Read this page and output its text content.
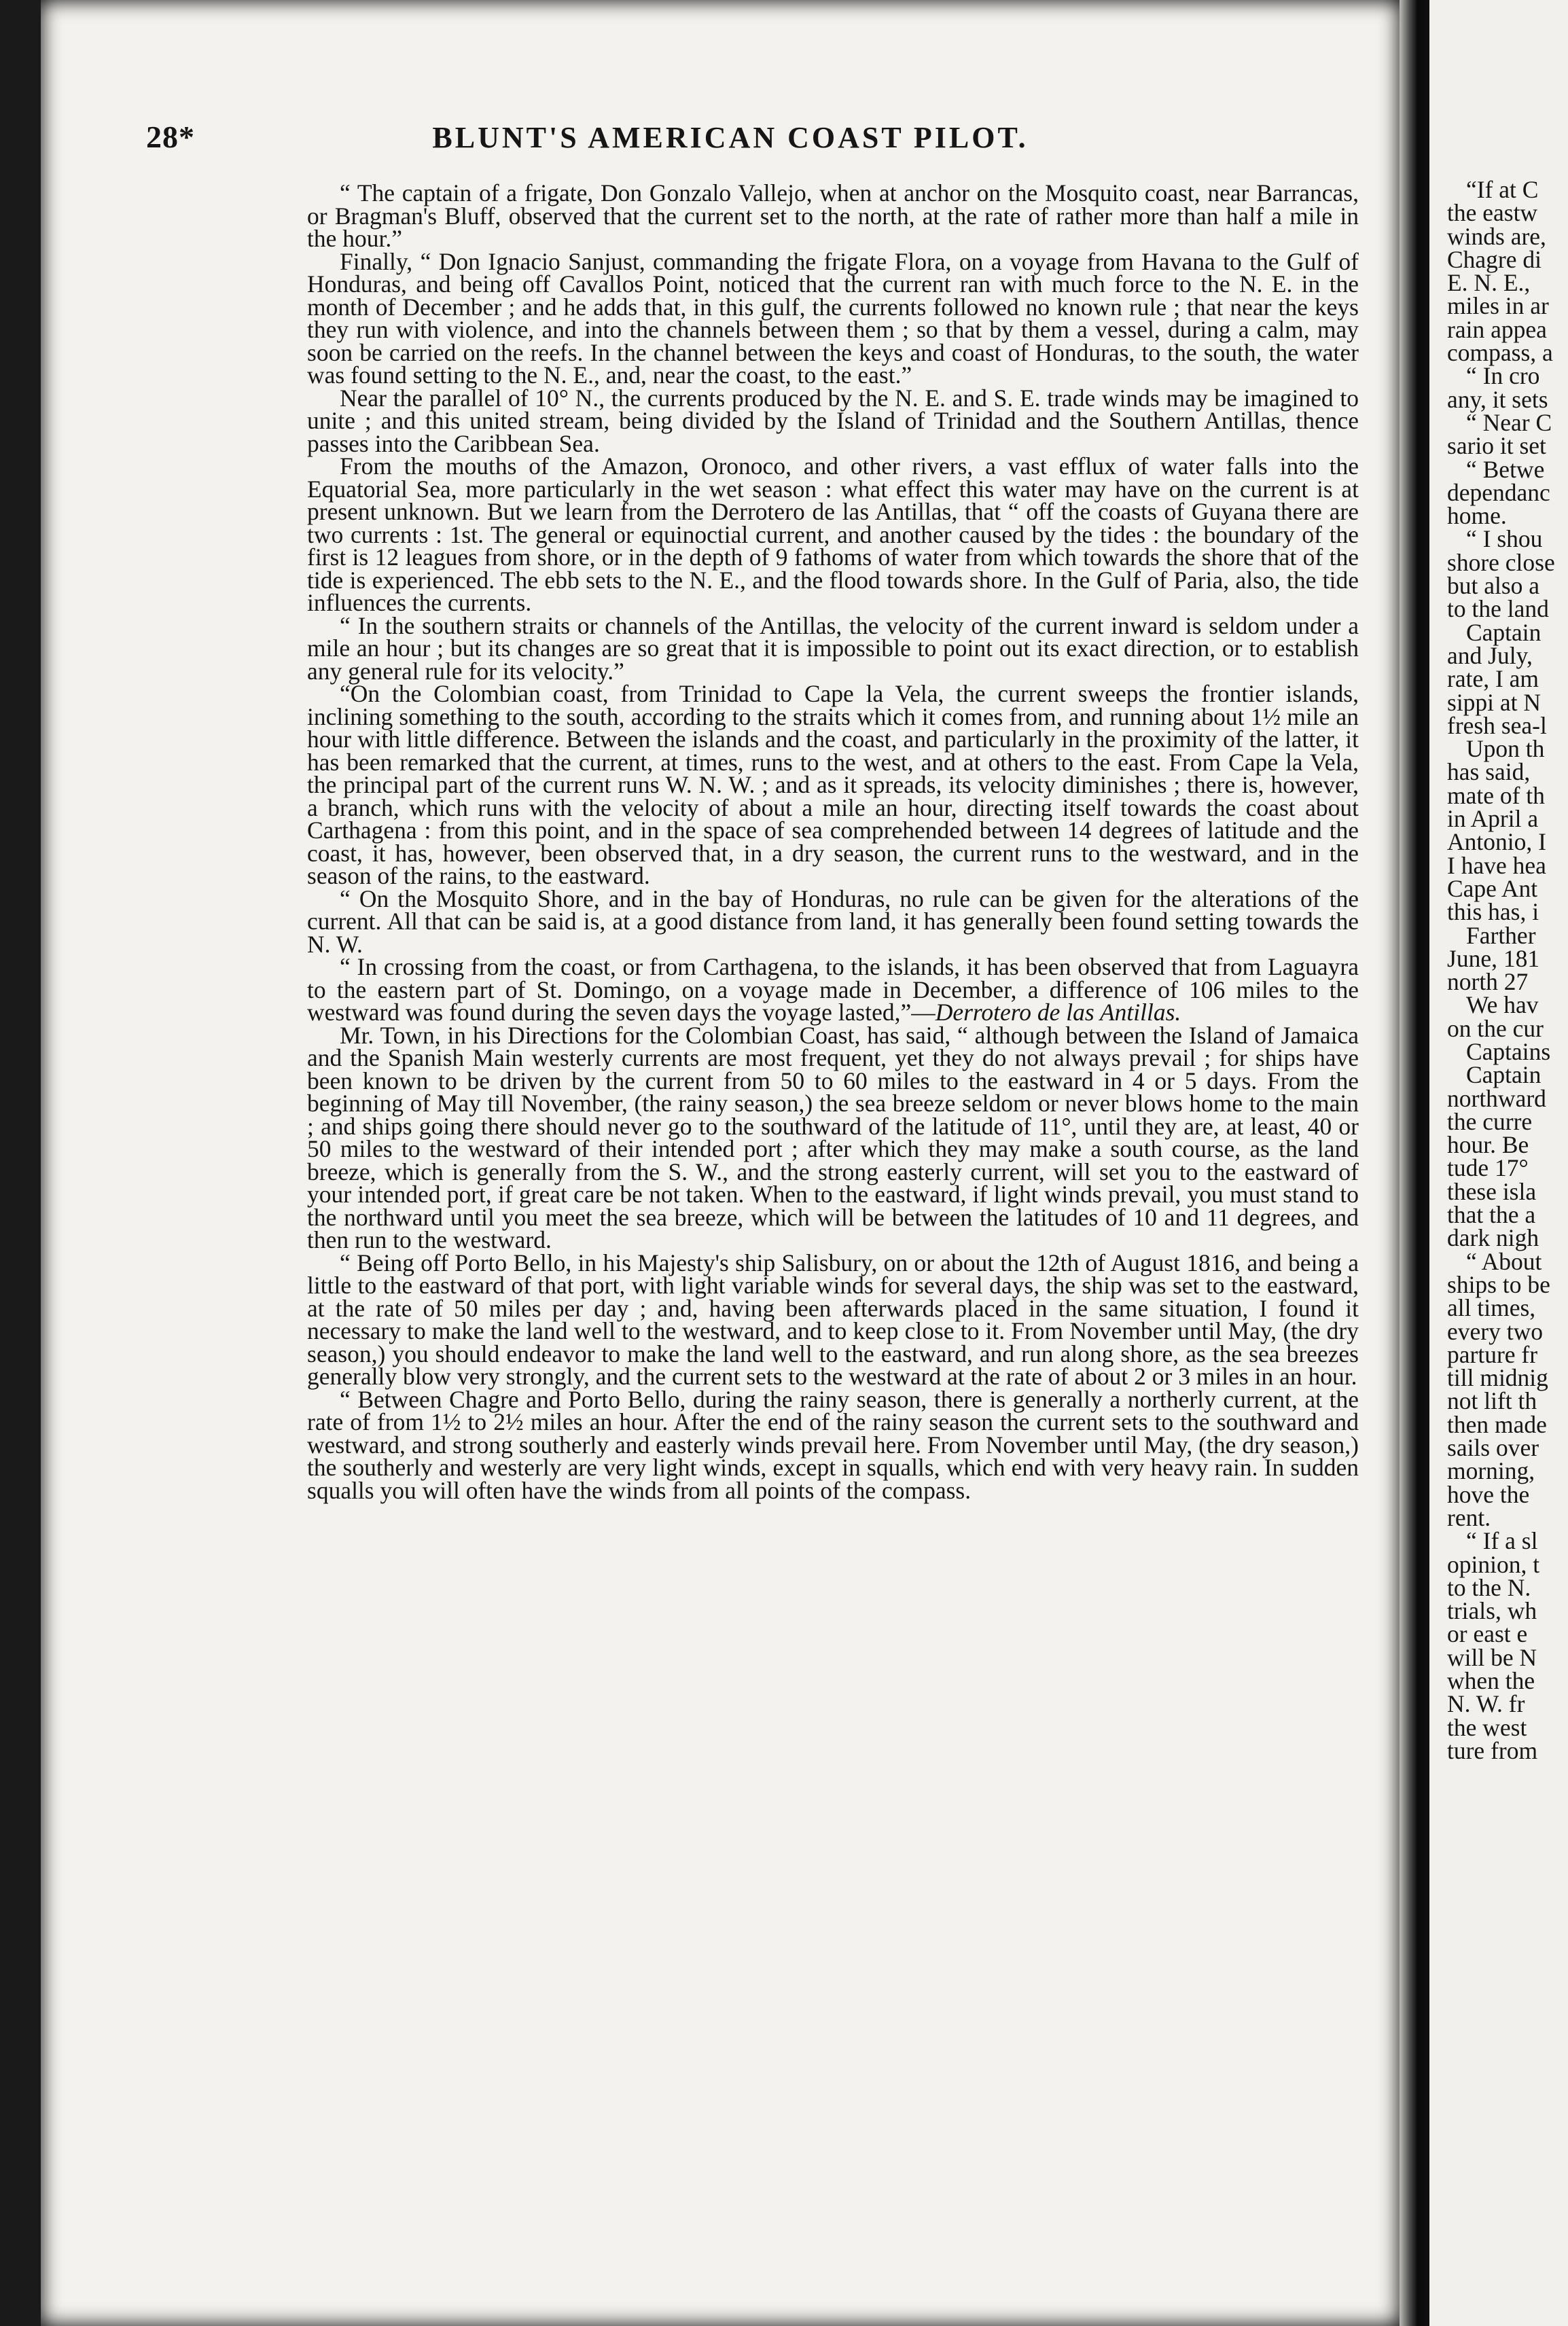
28*	BLUNT'S AMERICAN COAST PILOT.

“ The captain of a frigate, Don Gonzalo Vallejo, when at anchor on the Mosquito coast, near Barrancas, or Bragman's Bluff, observed that the current set to the north, at the rate of rather more than half a mile in the hour.”

Finally, “ Don Ignacio Sanjust, commanding the frigate Flora, on a voyage from Havana to the Gulf of Honduras, and being off Cavallos Point, noticed that the current ran with much force to the N. E. in the month of December ; and he adds that, in this gulf, the currents followed no known rule ; that near the keys they run with violence, and into the channels between them ; so that by them a vessel, during a calm, may soon be carried on the reefs. In the channel between the keys and coast of Honduras, to the south, the water was found setting to the N. E., and, near the coast, to the east.”

Near the parallel of 10° N., the currents produced by the N. E. and S. E. trade winds may be imagined to unite ; and this united stream, being divided by the Island of Trinidad and the Southern Antillas, thence passes into the Caribbean Sea.

From the mouths of the Amazon, Oronoco, and other rivers, a vast efflux of water falls into the Equatorial Sea, more particularly in the wet season : what effect this water may have on the current is at present unknown. But we learn from the Derrotero de las Antillas, that “ off the coasts of Guyana there are two currents : 1st. The general or equinoctial current, and another caused by the tides : the boundary of the first is 12 leagues from shore, or in the depth of 9 fathoms of water from which towards the shore that of the tide is experienced. The ebb sets to the N. E., and the flood towards shore. In the Gulf of Paria, also, the tide influences the currents.

“ In the southern straits or channels of the Antillas, the velocity of the current inward is seldom under a mile an hour ; but its changes are so great that it is impossible to point out its exact direction, or to establish any general rule for its velocity.”

“On the Colombian coast, from Trinidad to Cape la Vela, the current sweeps the frontier islands, inclining something to the south, according to the straits which it comes from, and running about 1½ mile an hour with little difference. Between the islands and the coast, and particularly in the proximity of the latter, it has been remarked that the current, at times, runs to the west, and at others to the east. From Cape la Vela, the principal part of the current runs W. N. W. ; and as it spreads, its velocity diminishes ; there is, however, a branch, which runs with the velocity of about a mile an hour, directing itself towards the coast about Carthagena : from this point, and in the space of sea comprehended between 14 degrees of latitude and the coast, it has, however, been observed that, in a dry season, the current runs to the westward, and in the season of the rains, to the eastward.

“ On the Mosquito Shore, and in the bay of Honduras, no rule can be given for the alterations of the current. All that can be said is, at a good distance from land, it has generally been found setting towards the N. W.

“ In crossing from the coast, or from Carthagena, to the islands, it has been observed that from Laguayra to the eastern part of St. Domingo, on a voyage made in December, a difference of 106 miles to the westward was found during the seven days the voyage lasted,”—Derrotero de las Antillas.

Mr. Town, in his Directions for the Colombian Coast, has said, “ although between the Island of Jamaica and the Spanish Main westerly currents are most frequent, yet they do not always prevail ; for ships have been known to be driven by the current from 50 to 60 miles to the eastward in 4 or 5 days. From the beginning of May till November, (the rainy season,) the sea breeze seldom or never blows home to the main ; and ships going there should never go to the southward of the latitude of 11°, until they are, at least, 40 or 50 miles to the westward of their intended port ; after which they may make a south course, as the land breeze, which is generally from the S. W., and the strong easterly current, will set you to the eastward of your intended port, if great care be not taken. When to the eastward, if light winds prevail, you must stand to the northward until you meet the sea breeze, which will be between the latitudes of 10 and 11 degrees, and then run to the westward.

“ Being off Porto Bello, in his Majesty's ship Salisbury, on or about the 12th of August 1816, and being a little to the eastward of that port, with light variable winds for several days, the ship was set to the eastward, at the rate of 50 miles per day ; and, having been afterwards placed in the same situation, I found it necessary to make the land well to the westward, and to keep close to it. From November until May, (the dry season,) you should endeavor to make the land well to the eastward, and run along shore, as the sea breezes generally blow very strongly, and the current sets to the westward at the rate of about 2 or 3 miles in an hour.

“ Between Chagre and Porto Bello, during the rainy season, there is generally a northerly current, at the rate of from 1½ to 2½ miles an hour. After the end of the rainy season the current sets to the southward and westward, and strong southerly and easterly winds prevail here. From November until May, (the dry season,) the southerly and westerly are very light winds, except in squalls, which end with very heavy rain. In sudden squalls you will often have the winds from all points of the compass.

“If at C
the eastw
winds are,
Chagre di
E. N. E.,
miles in ar
rain appea
compass, a
“ In cro
any, it sets
“ Near C
sario it set
“ Betwe
dependanc
home.
“ I shou
shore close
but also a
to the land
Captain
and July,
rate, I am
sippi at N
fresh sea-l
Upon th
has said,
mate of th
in April a
Antonio, I
I have hea
Cape Ant
this has, i
Farther
June, 181
north 27
We hav
on the cur
Captains
Captain
northward
the curre
hour. Be
tude 17°
these isla
that the a
dark nigh
“ About
ships to be
all times,
every two
parture fr
till midnig
not lift th
then made
sails over
morning,
hove the
rent.
“ If a sl
opinion, t
to the N.
trials, wh
or east e
will be N
when the
N. W. fr
the west
ture from
